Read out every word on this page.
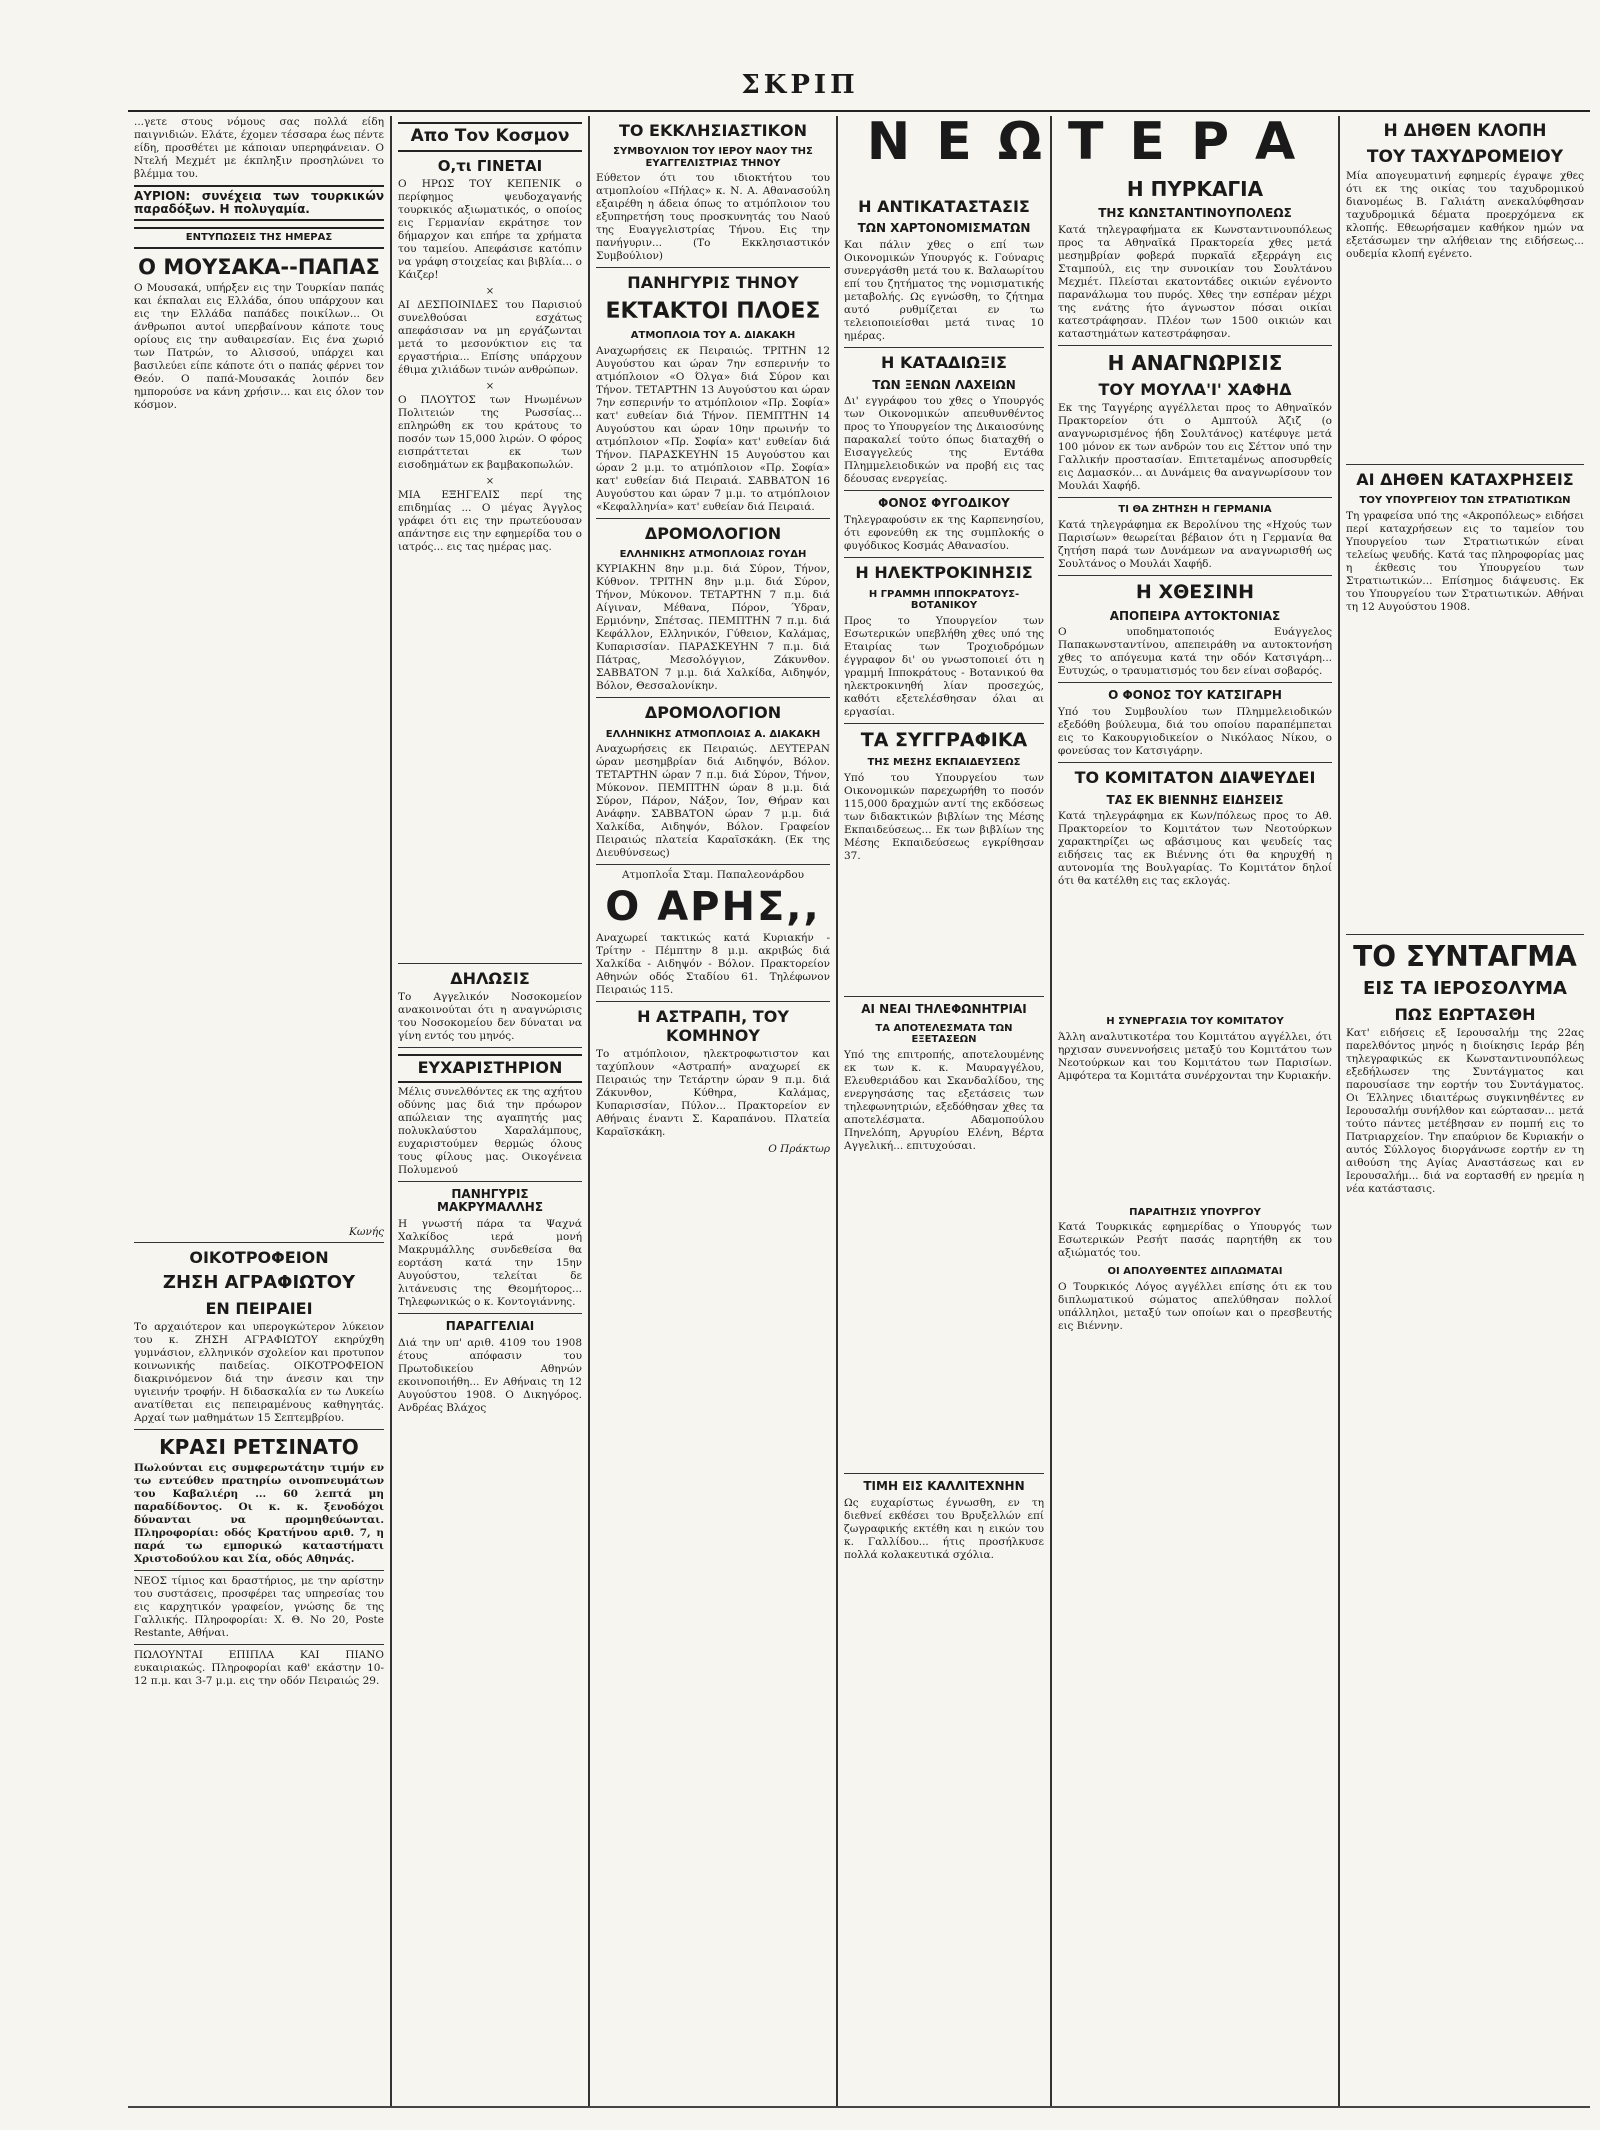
ΣΚΡΙΠ

...γετε στους νόμους σας πολλά είδη παιγνιδιών. Ελάτε, έχομεν τέσσαρα έως πέντε είδη, προσθέτει με κάποιαν υπερηφάνειαν. Ο Ντελή Μεχμέτ με έκπληξιν προσηλώνει το βλέμμα του.

ΑΥΡΙΟΝ: συνέχεια των τουρκικών παραδόξων. Η πολυγαμία.

ΕΝΤΥΠΩΣΕΙΣ ΤΗΣ ΗΜΕΡΑΣ
Ο ΜΟΥΣΑΚΑ--ΠΑΠΑΣ

Ο Μουσακά, υπήρξεν εις την Τουρκίαν παπάς και έκπαλαι εις Ελλάδα, όπου υπάρχουν και εις την Ελλάδα παπάδες ποικίλων... Οι άνθρωποι αυτοί υπερβαίνουν κάποτε τους ορίους εις την αυθαιρεσίαν. Εις ένα χωριό των Πατρών, το Αλισσού, υπάρχει και βασιλεύει είπε κάποτε ότι ο παπάς φέρνει τον Θεόν. Ο παπά-Μουσακάς λοιπόν δεν ημπορούσε να κάνη χρήσιν... και εις όλον τον κόσμον.

Κωνής

ΟΙΚΟΤΡΟΦΕΙΟΝ
ΖΗΣΗ ΑΓΡΑΦΙΩΤΟΥ
ΕΝ ΠΕΙΡΑΙΕΙ

Το αρχαιότερον και υπερογκώτερον λύκειον του κ. ΖΗΣΗ ΑΓΡΑΦΙΩΤΟΥ εκηρύχθη γυμνάσιον, ελληνικόν σχολείον και προτυπον κοινωνικής παιδείας. ΟΙΚΟΤΡΟΦΕΙΟΝ διακρινόμενον διά την άνεσιν και την υγιεινήν τροφήν. Η διδασκαλία εν τω Λυκείω ανατίθεται εις πεπειραμένους καθηγητάς. Αρχαί των μαθημάτων 15 Σεπτεμβρίου.

ΚΡΑΣΙ ΡΕΤΣΙΝΑΤΟ

Πωλούνται εις συμφερωτάτην τιμήν εν τω εντεύθεν πρατηρίω οινοπνευμάτων του Καβαλιέρη ... 60 λεπτά μη παραδίδοντος. Οι κ. κ. ξενοδόχοι δύνανται να προμηθεύωνται. Πληροφορίαι: οδός Κρατήνου αριθ. 7, η παρά τω εμπορικώ καταστήματι Χριστοδούλου και Σία, οδός Αθηνάς.

ΝΕΟΣ τίμιος και δραστήριος, με την αρίστην του συστάσεις, προσφέρει τας υπηρεσίας του εις καρχητικόν γραφείον, γνώσης δε της Γαλλικής. Πληροφορίαι: Χ. Θ. Νο 20, Poste Restante, Αθήναι.

ΠΩΛΟΥΝΤΑΙ ΕΠΙΠΛΑ ΚΑΙ ΠΙΑΝΟ ευκαιριακώς. Πληροφορίαι καθ' εκάστην 10-12 π.μ. και 3-7 μ.μ. εις την οδόν Πειραιώς 29.

Απο Τον Κοσμον
Ο,τι ΓΙΝΕΤΑΙ

Ο ΗΡΩΣ ΤΟΥ ΚΕΠΕΝΙΚ ο περίφημος ψευδοχαγανής τουρκικός αξιωματικός, ο οποίος εις Γερμανίαν εκράτησε τον δήμαρχον και επήρε τα χρήματα του ταμείου. Απεφάσισε κατόπιν να γράφη στοιχείας και βιβλία... ο Κάιζερ!

×

ΑΙ ΔΕΣΠΟΙΝΙΔΕΣ του Παρισιού συνελθούσαι εσχάτως απεφάσισαν να μη εργάζωνται μετά το μεσονύκτιον εις τα εργαστήρια... Επίσης υπάρχουν έθιμα χιλιάδων τινών ανθρώπων.

×

Ο ΠΛΟΥΤΟΣ των Ηνωμένων Πολιτειών της Ρωσσίας... επληρώθη εκ του κράτους το ποσόν των 15,000 λιρών. Ο φόρος εισπράττεται εκ των εισοδημάτων εκ βαμβακοπωλών.

×

ΜΙΑ ΕΞΗΓΕΛΙΣ περί της επιδημίας ... Ο μέγας Άγγλος γράφει ότι εις την πρωτεύουσαν απάντησε εις την εφημερίδα του ο ιατρός... εις τας ημέρας μας.

ΔΗΛΩΣΙΣ

Το Αγγελικόν Νοσοκομείον ανακοινούται ότι η αναγνώρισις του Νοσοκομείου δεν δύναται να γίνη εντός του μηνός.

ΕΥΧΑΡΙΣΤΗΡΙΟΝ

Μέλις συνελθόντες εκ της αχήτου οδύνης μας διά την πρόωρον απώλειαν της αγαπητής μας πολυκλαύστου Χαραλάμπους, ευχαριστούμεν θερμώς όλους τους φίλους μας. Οικογένεια Πολυμενού

ΠΑΝΗΓΥΡΙΣ ΜΑΚΡΥΜΑΛΛΗΣ

Η γνωστή πάρα τα Ψαχνά Χαλκίδος ιερά μονή Μακρυμάλλης συνδεθείσα θα εορτάση κατά την 15ην Αυγούστου, τελείται δε λιτάνευσις της Θεομήτορος... Τηλεφωνικώς ο κ. Κοντογιάννης.

ΠΑΡΑΓΓΕΛΙΑΙ

Διά την υπ' αριθ. 4109 του 1908 έτους απόφασιν του Πρωτοδικείου Αθηνών εκοινοποιήθη... Εν Αθήναις τη 12 Αυγούστου 1908. Ο Δικηγόρος. Ανδρέας Βλάχος

ΤΟ ΕΚΚΛΗΣΙΑΣΤΙΚΟΝ
ΣΥΜΒΟΥΛΙΟΝ ΤΟΥ ΙΕΡΟΥ ΝΑΟΥ ΤΗΣ ΕΥΑΓΓΕΛΙΣΤΡΙΑΣ ΤΗΝΟΥ

Εύθετον ότι του ιδιοκτήτου του ατμοπλοίου «Πήλας» κ. Ν. Α. Αθανασούλη εξαιρέθη η άδεια όπως το ατμόπλοιον του εξυπηρετήση τους προσκυνητάς του Ναού της Ευαγγελιστρίας Τήνου. Εις την πανήγυριν... (Το Εκκλησιαστικόν Συμβούλιον)

ΠΑΝΗΓΥΡΙΣ ΤΗΝΟΥ
ΕΚΤΑΚΤΟΙ ΠΛΟΕΣ
ΑΤΜΟΠΛΟΙΑ ΤΟΥ Α. ΔΙΑΚΑΚΗ

Αναχωρήσεις εκ Πειραιώς. ΤΡΙΤΗΝ 12 Αυγούστου και ώραν 7ην εσπερινήν το ατμόπλοιον «Ο Όλγα» διά Σύρον και Τήνον. ΤΕΤΑΡΤΗΝ 13 Αυγούστου και ώραν 7ην εσπερινήν το ατμόπλοιον «Πρ. Σοφία» κατ' ευθείαν διά Τήνον. ΠΕΜΠΤΗΝ 14 Αυγούστου και ώραν 10ην πρωινήν το ατμόπλοιον «Πρ. Σοφία» κατ' ευθείαν διά Τήνον. ΠΑΡΑΣΚΕΥΗΝ 15 Αυγούστου και ώραν 2 μ.μ. το ατμόπλοιον «Πρ. Σοφία» κατ' ευθείαν διά Πειραιά. ΣΑΒΒΑΤΟΝ 16 Αυγούστου και ώραν 7 μ.μ. το ατμόπλοιον «Κεφαλληνία» κατ' ευθείαν διά Πειραιά.

ΔΡΟΜΟΛΟΓΙΟΝ
ΕΛΛΗΝΙΚΗΣ ΑΤΜΟΠΛΟΙΑΣ ΓΟΥΔΗ

ΚΥΡΙΑΚΗΝ 8ην μ.μ. διά Σύρον, Τήνον, Κύθνον. ΤΡΙΤΗΝ 8ην μ.μ. διά Σύρον, Τήνον, Μύκονον. ΤΕΤΑΡΤΗΝ 7 π.μ. διά Αίγιναν, Μέθανα, Πόρον, Ύδραν, Ερμιόνην, Σπέτσας. ΠΕΜΠΤΗΝ 7 π.μ. διά Κεφάλλον, Ελληνικόν, Γύθειον, Καλάμας, Κυπαρισσίαν. ΠΑΡΑΣΚΕΥΗΝ 7 π.μ. διά Πάτρας, Μεσολόγγιον, Ζάκυνθον. ΣΑΒΒΑΤΟΝ 7 μ.μ. διά Χαλκίδα, Αιδηψόν, Βόλον, Θεσσαλονίκην.

ΔΡΟΜΟΛΟΓΙΟΝ
ΕΛΛΗΝΙΚΗΣ ΑΤΜΟΠΛΟΙΑΣ Α. ΔΙΑΚΑΚΗ

Αναχωρήσεις εκ Πειραιώς. ΔΕΥΤΕΡΑΝ ώραν μεσημβρίαν διά Αιδηψόν, Βόλον. ΤΕΤΑΡΤΗΝ ώραν 7 π.μ. διά Σύρον, Τήνον, Μύκονον. ΠΕΜΠΤΗΝ ώραν 8 μ.μ. διά Σύρον, Πάρον, Νάξον, Ίον, Θήραν και Ανάφην. ΣΑΒΒΑΤΟΝ ώραν 7 μ.μ. διά Χαλκίδα, Αιδηψόν, Βόλον. Γραφείον Πειραιώς πλατεία Καραϊσκάκη. (Εκ της Διευθύνσεως)

Ατμοπλοΐα Σταμ. Παπαλεονάρδου

Ο ΑΡΗΣ,,

Αναχωρεί τακτικώς κατά Κυριακήν - Τρίτην - Πέμπτην 8 μ.μ. ακριβώς διά Χαλκίδα - Αιδηψόν - Βόλον. Πρακτορείον Αθηνών οδός Σταδίου 61. Τηλέφωνον Πειραιώς 115.

Η ΑΣΤΡΑΠΗ, ΤΟΥ ΚΟΜΗΝΟΥ

Το ατμόπλοιον, ηλεκτροφωτιστον και ταχύπλουν «Αστραπή» αναχωρεί εκ Πειραιώς την Τετάρτην ώραν 9 π.μ. διά Ζάκυνθον, Κύθηρα, Καλάμας, Κυπαρισσίαν, Πύλον... Πρακτορείον εν Αθήναις έναντι Σ. Καραπάνου. Πλατεία Καραϊσκάκη.

Ο Πράκτωρ

Η ΑΝΤΙΚΑΤΑΣΤΑΣΙΣ
ΤΩΝ ΧΑΡΤΟΝΟΜΙΣΜΑΤΩΝ

Και πάλιν χθες ο επί των Οικονομικών Υπουργός κ. Γούναρις συνεργάσθη μετά του κ. Βαλαωρίτου επί του ζητήματος της νομισματικής μεταβολής. Ως εγνώσθη, το ζήτημα αυτό ρυθμίζεται εν τω τελειοποιείσθαι μετά τινας 10 ημέρας.

Η ΚΑΤΑΔΙΩΞΙΣ
ΤΩΝ ΞΕΝΩΝ ΛΑΧΕΙΩΝ

Δι' εγγράφου του χθες ο Υπουργός των Οικονομικών απευθυνθέντος προς το Υπουργείον της Δικαιοσύνης παρακαλεί τούτο όπως διαταχθή ο Εισαγγελεύς της Εντάθα Πλημμελειοδικών να προβή εις τας δέουσας ενεργείας.

ΦΟΝΟΣ ΦΥΓΟΔΙΚΟΥ

Τηλεγραφούσιν εκ της Καρπενησίου, ότι εφονεύθη εκ της συμπλοκής ο φυγόδικος Κοσμάς Αθανασίου.

Η ΗΛΕΚΤΡΟΚΙΝΗΣΙΣ
Η ΓΡΑΜΜΗ ΙΠΠΟΚΡΑΤΟΥΣ-ΒΟΤΑΝΙΚΟΥ

Προς το Υπουργείον των Εσωτερικών υπεβλήθη χθες υπό της Εταιρίας των Τροχιοδρόμων έγγραφον δι' ου γνωστοποιεί ότι η γραμμή Ιπποκράτους - Βοτανικού θα ηλεκτροκινηθή λίαν προσεχώς, καθότι εξετελέσθησαν όλαι αι εργασίαι.

ΤΑ ΣΥΓΓΡΑΦΙΚΑ
ΤΗΣ ΜΕΣΗΣ ΕΚΠΑΙΔΕΥΣΕΩΣ

Υπό του Υπουργείου των Οικονομικών παρεχωρήθη το ποσόν 115,000 δραχμών αντί της εκδόσεως των διδακτικών βιβλίων της Μέσης Εκπαιδεύσεως... Εκ των βιβλίων της Μέσης Εκπαιδεύσεως εγκρίθησαν 37.

ΑΙ ΝΕΑΙ ΤΗΛΕΦΩΝΗΤΡΙΑΙ
ΤΑ ΑΠΟΤΕΛΕΣΜΑΤΑ ΤΩΝ ΕΞΕΤΑΣΕΩΝ

Υπό της επιτροπής, αποτελουμένης εκ των κ. κ. Μαυραγγέλου, Ελευθεριάδου και Σκανδαλίδου, της ενεργησάσης τας εξετάσεις των τηλεφωνητριών, εξεδόθησαν χθες τα αποτελέσματα. Αδαμοπούλου Πηνελόπη, Αργυρίου Ελένη, Βέρτα Αγγελική... επιτυχούσαι.

ΤΙΜΗ ΕΙΣ ΚΑΛΛΙΤΕΧΝΗΝ

Ως ευχαρίστως έγνωσθη, εν τη διεθνεί εκθέσει του Βρυξελλών επί ζωγραφικής εκτέθη και η εικών του κ. Γαλλίδου... ήτις προσήλκυσε πολλά κολακευτικά σχόλια.

ΝΕΩΤΕΡΑ
Η ΠΥΡΚΑΓΙΑ
ΤΗΣ ΚΩΝΣΤΑΝΤΙΝΟΥΠΟΛΕΩΣ

Κατά τηλεγραφήματα εκ Κωνσταντινουπόλεως προς τα Αθηναϊκά Πρακτορεία χθες μετά μεσημβρίαν φοβερά πυρκαϊά εξερράγη εις Σταμπούλ, εις την συνοικίαν του Σουλτάνου Μεχμέτ. Πλείσται εκατοντάδες οικιών εγένοντο παρανάλωμα του πυρός. Χθες την εσπέραν μέχρι της ενάτης ήτο άγνωστον πόσαι οικίαι κατεστράφησαν. Πλέον των 1500 οικιών και καταστημάτων κατεστράφησαν.

Η ΑΝΑΓΝΩΡΙΣΙΣ
ΤΟΥ ΜΟΥΛΑ'Ι' ΧΑΦΗΔ

Εκ της Ταγγέρης αγγέλλεται προς το Αθηναϊκόν Πρακτορείον ότι ο Αμπτούλ Άζιζ (ο αναγνωρισμένος ήδη Σουλτάνος) κατέφυγε μετά 100 μόνον εκ των ανδρών του εις Σέττον υπό την Γαλλικήν προστασίαν. Επιτεταμένως αποσυρθείς εις Δαμασκόν... αι Δυνάμεις θα αναγνωρίσουν τον Μουλάι Χαφήδ.

ΤΙ ΘΑ ΖΗΤΗΣΗ Η ΓΕΡΜΑΝΙΑ

Κατά τηλεγράφημα εκ Βερολίνου της «Ηχούς των Παρισίων» θεωρείται βέβαιον ότι η Γερμανία θα ζητήση παρά των Δυνάμεων να αναγνωρισθή ως Σουλτάνος ο Μουλάι Χαφήδ.

Η ΧΘΕΣΙΝΗ
ΑΠΟΠΕΙΡΑ ΑΥΤΟΚΤΟΝΙΑΣ

Ο υποδηματοποιός Ευάγγελος Παπακωνσταντίνου, απεπειράθη να αυτοκτονήση χθες το απόγευμα κατά την οδόν Κατσιγάρη... Ευτυχώς, ο τραυματισμός του δεν είναι σοβαρός.

Ο ΦΟΝΟΣ ΤΟΥ ΚΑΤΣΙΓΑΡΗ

Υπό του Συμβουλίου των Πλημμελειοδικών εξεδόθη βούλευμα, διά του οποίου παραπέμπεται εις το Κακουργιοδικείον ο Νικόλαος Νίκου, ο φονεύσας τον Κατσιγάρην.

ΤΟ ΚΟΜΙΤΑΤΟΝ ΔΙΑΨΕΥΔΕΙ
ΤΑΣ ΕΚ ΒΙΕΝΝΗΣ ΕΙΔΗΣΕΙΣ

Κατά τηλεγράφημα εκ Κων/πόλεως προς το Αθ. Πρακτορείον το Κομιτάτον των Νεοτούρκων χαρακτηρίζει ως αβάσιμους και ψευδείς τας ειδήσεις τας εκ Βιέννης ότι θα κηρυχθή η αυτονομία της Βουλγαρίας. Το Κομιτάτον δηλοί ότι θα κατέλθη εις τας εκλογάς.

Η ΣΥΝΕΡΓΑΣΙΑ ΤΟΥ ΚΟΜΙΤΑΤΟΥ

Άλλη αναλυτικοτέρα του Κομιτάτου αγγέλλει, ότι ηρχισαν συνεννοήσεις μεταξύ του Κομιτάτου των Νεοτούρκων και του Κομιτάτου των Παρισίων. Αμφότερα τα Κομιτάτα συνέρχονται την Κυριακήν.

ΠΑΡΑΙΤΗΣΙΣ ΥΠΟΥΡΓΟΥ

Κατά Τουρκικάς εφημερίδας ο Υπουργός των Εσωτερικών Ρεσήτ πασάς παρητήθη εκ του αξιώματός του.

ΟΙ ΑΠΟΛΥΘΕΝΤΕΣ ΔΙΠΛΩΜΑΤΑΙ

Ο Τουρκικός Λόγος αγγέλλει επίσης ότι εκ του διπλωματικού σώματος απελύθησαν πολλοί υπάλληλοι, μεταξύ των οποίων και ο πρεσβευτής εις Βιέννην.

Η ΔΗΘΕΝ ΚΛΟΠΗ
ΤΟΥ ΤΑΧΥΔΡΟΜΕΙΟΥ

Μία απογευματινή εφημερίς έγραψε χθες ότι εκ της οικίας του ταχυδρομικού διανομέως Β. Γαλιάτη ανεκαλύφθησαν ταχυδρομικά δέματα προερχόμενα εκ κλοπής. Εθεωρήσαμεν καθήκον ημών να εξετάσωμεν την αλήθειαν της ειδήσεως... ουδεμία κλοπή εγένετο.

ΑΙ ΔΗΘΕΝ ΚΑΤΑΧΡΗΣΕΙΣ
ΤΟΥ ΥΠΟΥΡΓΕΙΟΥ ΤΩΝ ΣΤΡΑΤΙΩΤΙΚΩΝ

Τη γραφείσα υπό της «Ακροπόλεως» ειδήσει περί καταχρήσεων εις το ταμείον του Υπουργείου των Στρατιωτικών είναι τελείως ψευδής. Κατά τας πληροφορίας μας η έκθεσις του Υπουργείου των Στρατιωτικών... Επίσημος διάψευσις. Εκ του Υπουργείου των Στρατιωτικών. Αθήναι τη 12 Αυγούστου 1908.

ΤΟ ΣΥΝΤΑΓΜΑ
ΕΙΣ ΤΑ ΙΕΡΟΣΟΛΥΜΑ
ΠΩΣ ΕΩΡΤΑΣΘΗ

Κατ' ειδήσεις εξ Ιερουσαλήμ της 22ας παρελθόντος μηνός η διοίκησις Ιεράρ βέη τηλεγραφικώς εκ Κωνσταντινουπόλεως εξεδήλωσεν της Συντάγματος και παρουσίασε την εορτήν του Συντάγματος. Οι Έλληνες ιδιαιτέρως συγκινηθέντες εν Ιερουσαλήμ συνήλθον και εώρτασαν... μετά τούτο πάντες μετέβησαν εν πομπή εις το Πατριαρχείον. Την επαύριον δε Κυριακήν ο αυτός Σύλλογος διοργάνωσε εορτήν εν τη αιθούση της Αγίας Αναστάσεως και εν Ιερουσαλήμ... διά να εορτασθή εν ηρεμία η νέα κατάστασις.
